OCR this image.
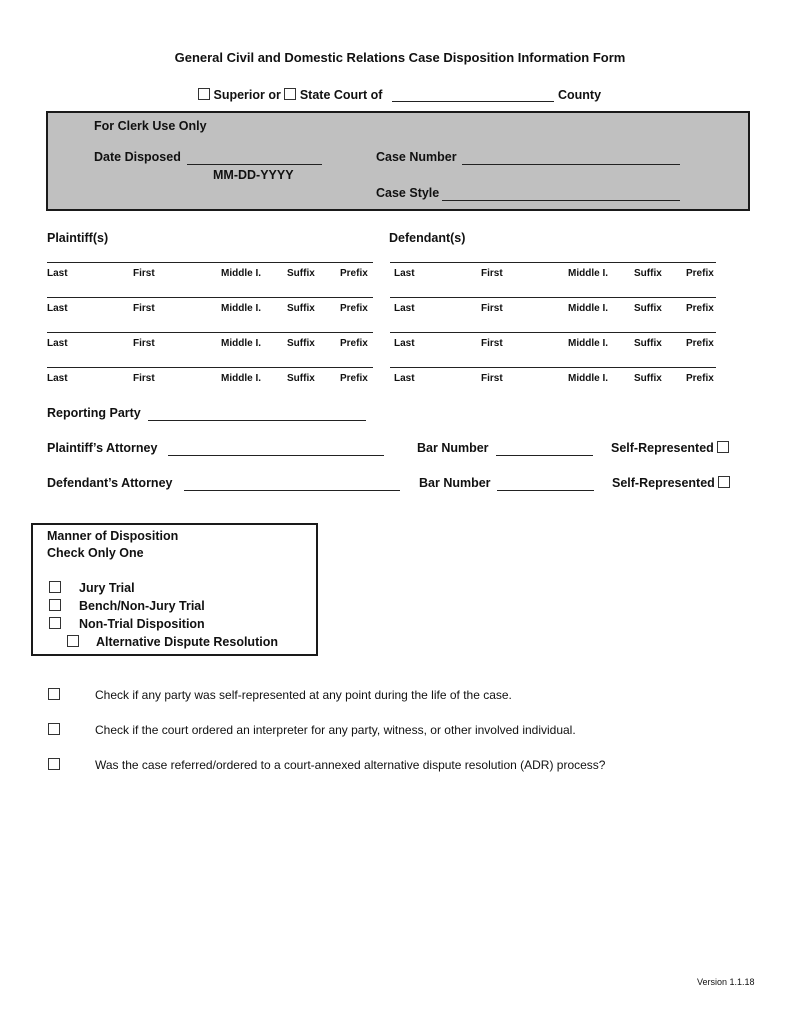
General Civil and Domestic Relations Case Disposition Information Form
Superior or State Court of	County
For Clerk Use Only
Date Disposed
MM-DD-YYYY
Case Number
Case Style
Plaintiff(s)	Defendant(s)
Reporting Party
Plaintiff’s Attorney	Bar Number	Self-Represented
Defendant’s Attorney	Bar Number	Self-Represented
Manner of Disposition
Check Only One
Jury Trial
Bench/Non-Jury Trial
Non-Trial Disposition
Alternative Dispute Resolution
Check if any party was self-represented at any point during the life of the case.
Check if the court ordered an interpreter for any party, witness, or other involved individual.
Was the case referred/ordered to a court-annexed alternative dispute resolution (ADR) process?
Version 1.1.18
Last	First	Middle I.	Suffix	Prefix
Last	First	Middle I.	Suffix	Prefix
Last	First	Middle I.	Suffix	Prefix
Last	First	Middle I.	Suffix	Prefix
Last	First	Middle I.	Suffix Prefix
Last	First	Middle I.	Suffix Prefix
Last	First	Middle I.	Suffix Prefix
Last	First	Middle I.	Suffix Prefix
